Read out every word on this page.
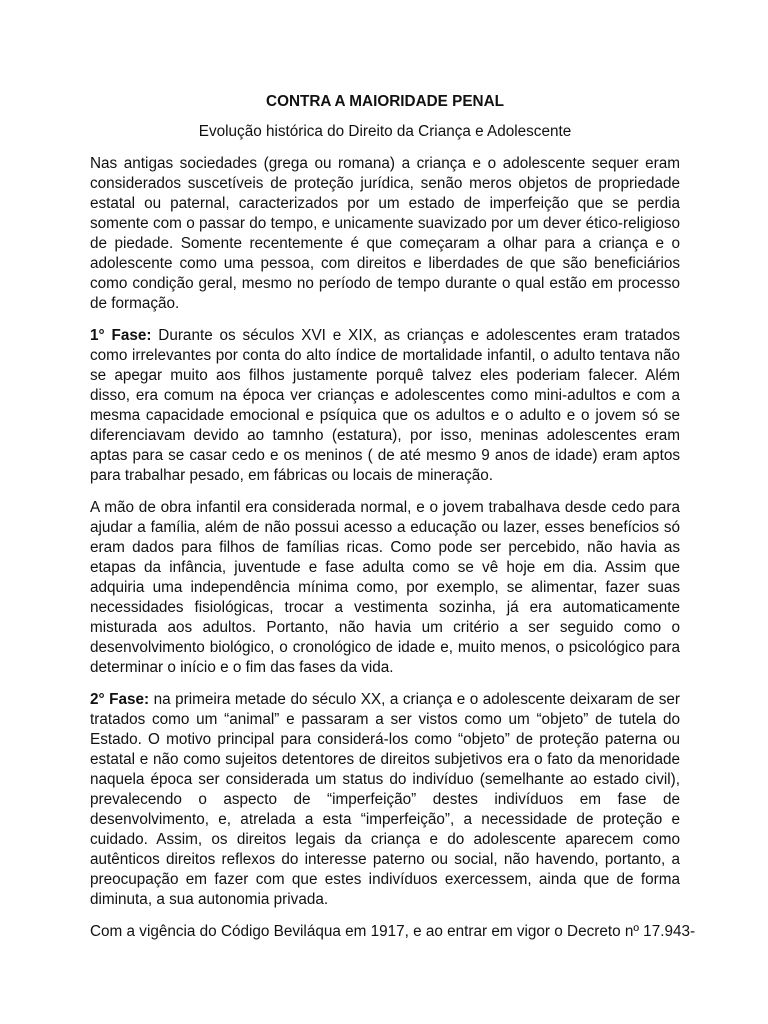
CONTRA A MAIORIDADE PENAL
Evolução histórica do Direito da Criança e Adolescente

Nas antigas sociedades (grega ou romana) a criança e o adolescente sequer eram considerados suscetíveis de proteção jurídica, senão meros objetos de propriedade estatal ou paternal, caracterizados por um estado de imperfeição que se perdia somente com o passar do tempo, e unicamente suavizado por um dever ético-religioso de piedade. Somente recentemente é que começaram a olhar para a criança e o adolescente como uma pessoa, com direitos e liberdades de que são beneficiários como condição geral, mesmo no período de tempo durante o qual estão em processo de formação.

1° Fase: Durante os séculos XVI e XIX, as crianças e adolescentes eram tratados como irrelevantes por conta do alto índice de mortalidade infantil, o adulto tentava não se apegar muito aos filhos justamente porquê talvez eles poderiam falecer. Além disso, era comum na época ver crianças e adolescentes como mini-adultos e com a mesma capacidade emocional e psíquica que os adultos e o adulto e o jovem só se diferenciavam devido ao tamnho (estatura), por isso, meninas adolescentes eram aptas para se casar cedo e os meninos ( de até mesmo 9 anos de idade) eram aptos para trabalhar pesado, em fábricas ou locais de mineração.

A mão de obra infantil era considerada normal, e o jovem trabalhava desde cedo para ajudar a família, além de não possui acesso a educação ou lazer, esses benefícios só eram dados para filhos de famílias ricas. Como pode ser percebido, não havia as etapas da infância, juventude e fase adulta como se vê hoje em dia. Assim que adquiria uma independência mínima como, por exemplo, se alimentar, fazer suas necessidades fisiológicas, trocar a vestimenta sozinha, já era automaticamente misturada aos adultos. Portanto, não havia um critério a ser seguido como o desenvolvimento biológico, o cronológico de idade e, muito menos, o psicológico para determinar o início e o fim das fases da vida.

2° Fase: na primeira metade do século XX, a criança e o adolescente deixaram de ser tratados como um “animal” e passaram a ser vistos como um “objeto” de tutela do Estado. O motivo principal para considerá-los como “objeto” de proteção paterna ou estatal e não como sujeitos detentores de direitos subjetivos era o fato da menoridade naquela época ser considerada um status do indivíduo (semelhante ao estado civil), prevalecendo o aspecto de “imperfeição” destes indivíduos em fase de desenvolvimento, e, atrelada a esta “imperfeição”, a necessidade de proteção e cuidado. Assim, os direitos legais da criança e do adolescente aparecem como autênticos direitos reflexos do interesse paterno ou social, não havendo, portanto, a preocupação em fazer com que estes indivíduos exercessem, ainda que de forma diminuta, a sua autonomia privada.

Com a vigência do Código Beviláqua em 1917, e ao entrar em vigor o Decreto nº 17.943-
